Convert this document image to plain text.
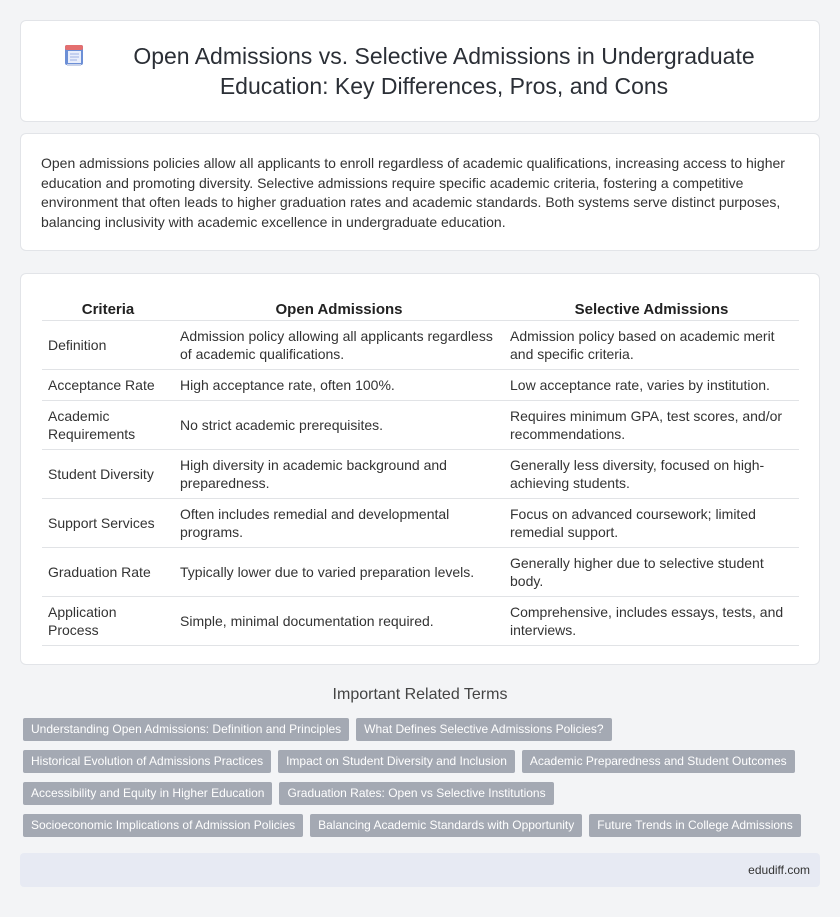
Open Admissions vs. Selective Admissions in Undergraduate Education: Key Differences, Pros, and Cons

Open admissions policies allow all applicants to enroll regardless of academic qualifications, increasing access to higher education and promoting diversity. Selective admissions require specific academic criteria, fostering a competitive environment that often leads to higher graduation rates and academic standards. Both systems serve distinct purposes, balancing inclusivity with academic excellence in undergraduate education.

Criteria	Open Admissions	Selective Admissions
Definition	Admission policy allowing all applicants regardless of academic qualifications.	Admission policy based on academic merit and specific criteria.
Acceptance Rate	High acceptance rate, often 100%.	Low acceptance rate, varies by institution.
Academic Requirements	No strict academic prerequisites.	Requires minimum GPA, test scores, and/or recommendations.
Student Diversity	High diversity in academic background and preparedness.	Generally less diversity, focused on high-achieving students.
Support Services	Often includes remedial and developmental programs.	Focus on advanced coursework; limited remedial support.
Graduation Rate	Typically lower due to varied preparation levels.	Generally higher due to selective student body.
Application Process	Simple, minimal documentation required.	Comprehensive, includes essays, tests, and interviews.
Important Related Terms
Understanding Open Admissions: Definition and Principles	What Defines Selective Admissions Policies?
Historical Evolution of Admissions Practices	Impact on Student Diversity and Inclusion	Academic Preparedness and Student Outcomes
Accessibility and Equity in Higher Education	Graduation Rates: Open vs Selective Institutions
Socioeconomic Implications of Admission Policies	Balancing Academic Standards with Opportunity	Future Trends in College Admissions
edudiff.com
